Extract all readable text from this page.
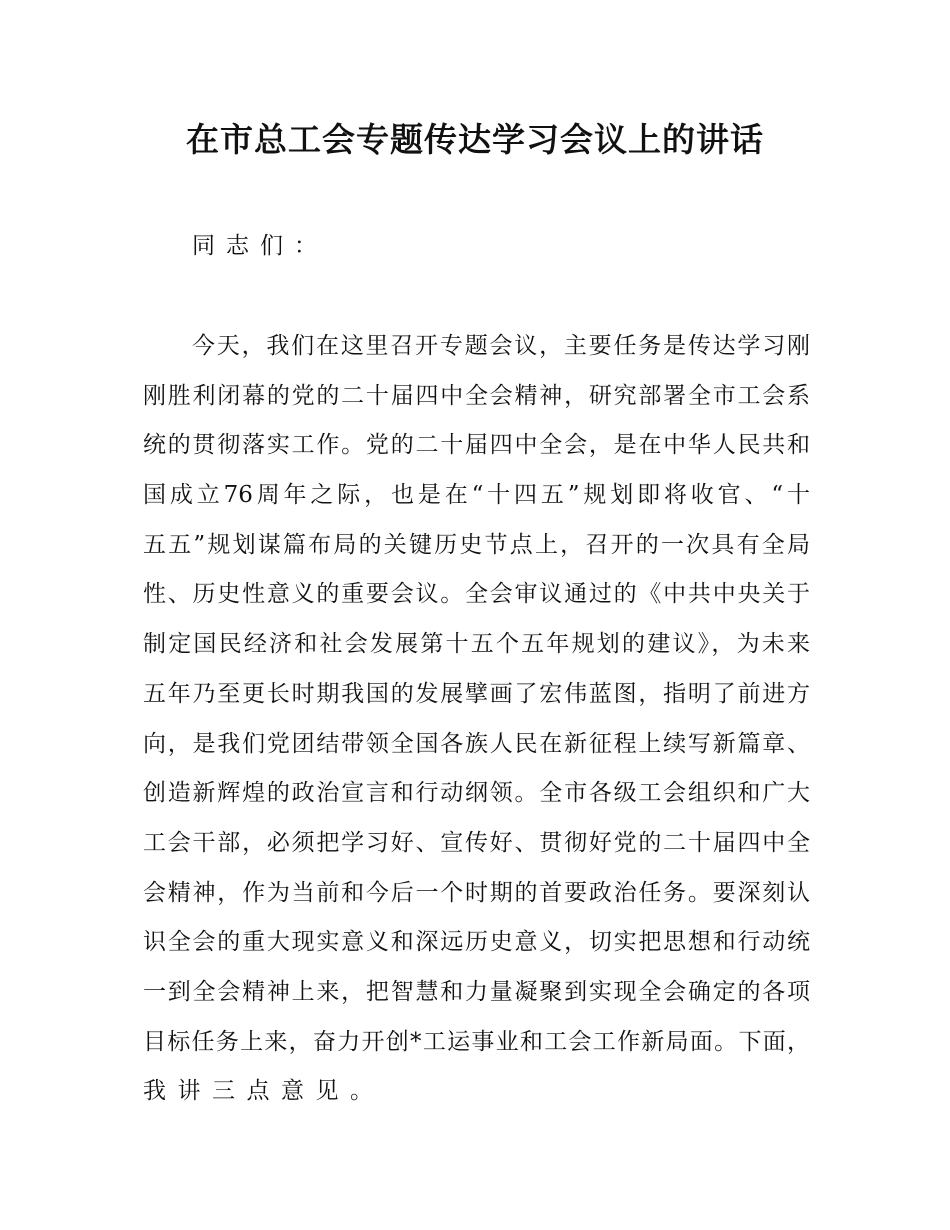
在市总工会专题传达学习会议上的讲话
同志们：
今天，我们在这里召开专题会议，主要任务是传达学习刚
刚胜利闭幕的党的二十届四中全会精神，研究部署全市工会系
统的贯彻落实工作。党的二十届四中全会，是在中华人民共和
国成立76周年之际，也是在“十四五”规划即将收官、“十
五五”规划谋篇布局的关键历史节点上，召开的一次具有全局
性、历史性意义的重要会议。全会审议通过的《中共中央关于
制定国民经济和社会发展第十五个五年规划的建议》，为未来
五年乃至更长时期我国的发展擘画了宏伟蓝图，指明了前进方
向，是我们党团结带领全国各族人民在新征程上续写新篇章、
创造新辉煌的政治宣言和行动纲领。全市各级工会组织和广大
工会干部，必须把学习好、宣传好、贯彻好党的二十届四中全
会精神，作为当前和今后一个时期的首要政治任务。要深刻认
识全会的重大现实意义和深远历史意义，切实把思想和行动统
一到全会精神上来，把智慧和力量凝聚到实现全会确定的各项
目标任务上来，奋力开创*工运事业和工会工作新局面。下面，
我讲三点意见。
